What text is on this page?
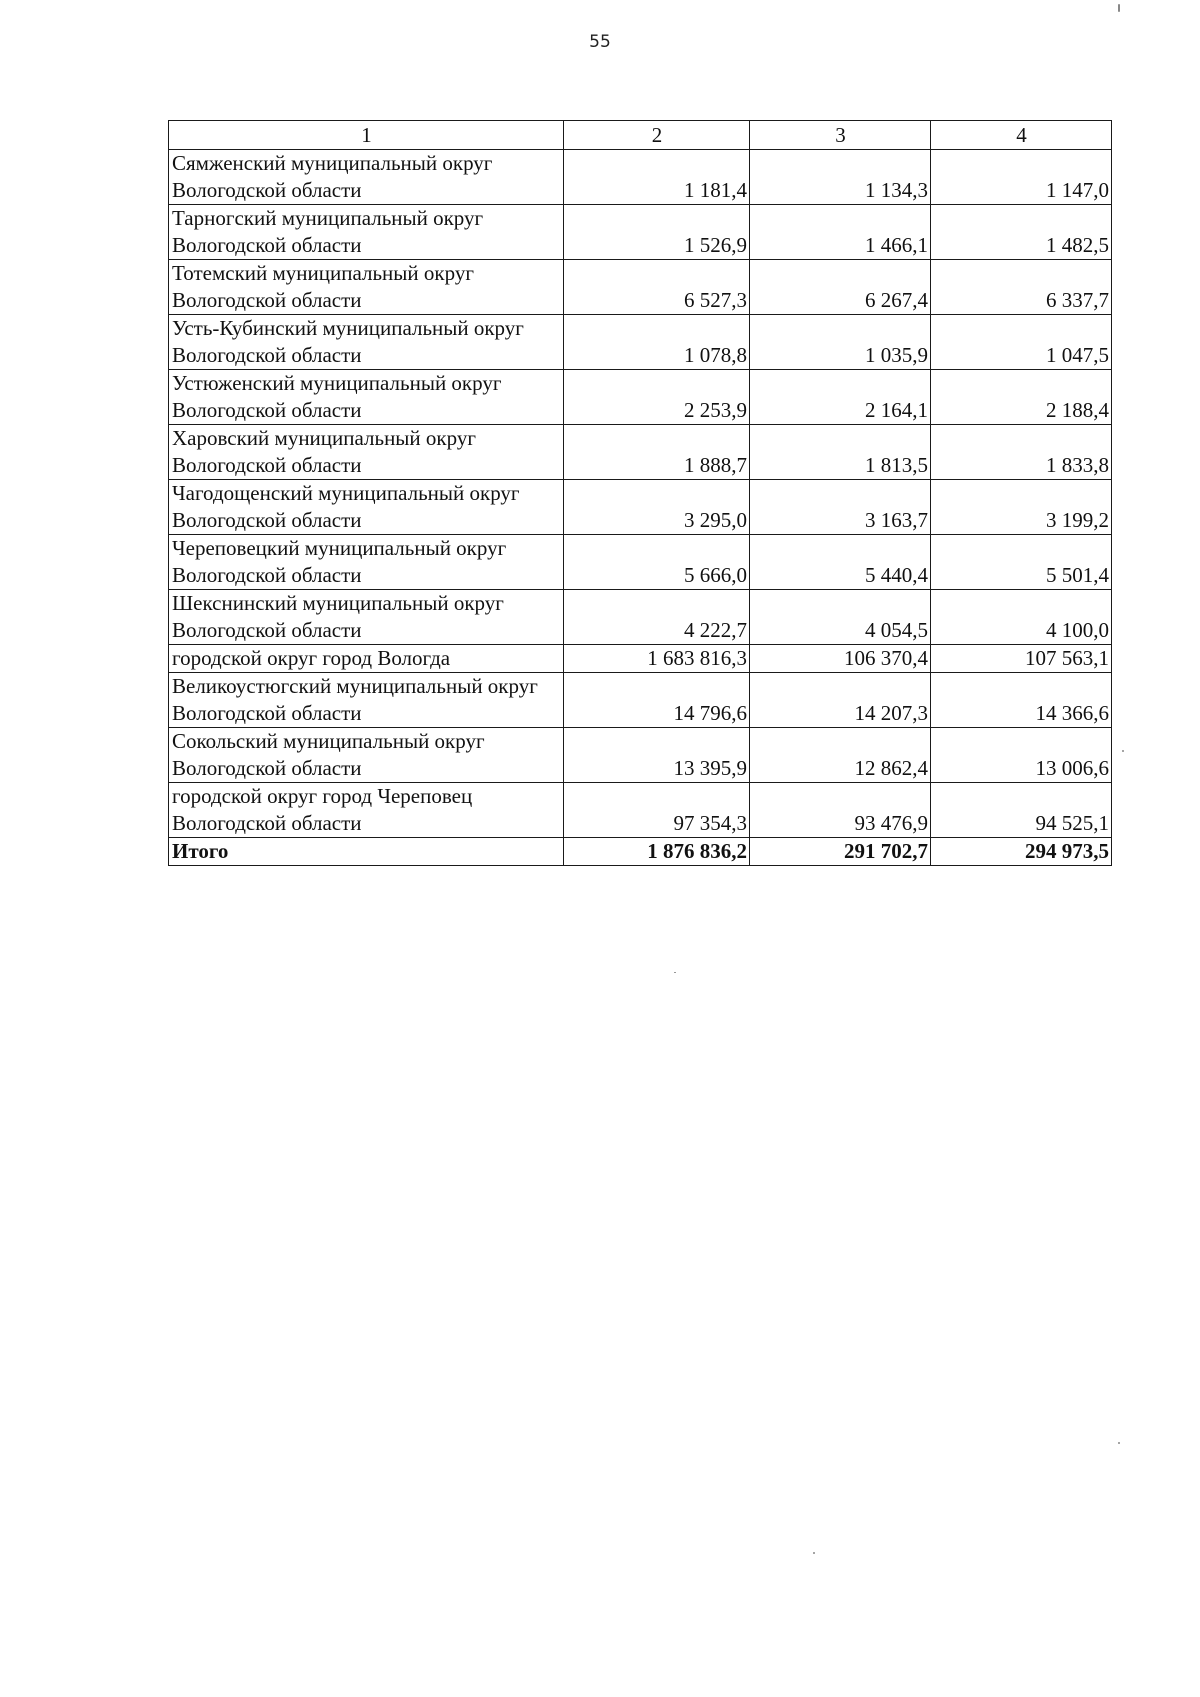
55
1	2	3	4
Сямженский муниципальный округ Вологодской области	1 181,4	1 134,3	1 147,0
Тарногский муниципальный округ Вологодской области	1 526,9	1 466,1	1 482,5
Тотемский муниципальный округ Вологодской области	6 527,3	6 267,4	6 337,7
Усть-Кубинский муниципальный округ Вологодской области	1 078,8	1 035,9	1 047,5
Устюженский муниципальный округ Вологодской области	2 253,9	2 164,1	2 188,4
Харовский муниципальный округ Вологодской области	1 888,7	1 813,5	1 833,8
Чагодощенский муниципальный округ Вологодской области	3 295,0	3 163,7	3 199,2
Череповецкий муниципальный округ Вологодской области	5 666,0	5 440,4	5 501,4
Шекснинский муниципальный округ Вологодской области	4 222,7	4 054,5	4 100,0
городской округ город Вологда	1 683 816,3	106 370,4	107 563,1
Великоустюгский муниципальный округ Вологодской области	14 796,6	14 207,3	14 366,6
Сокольский муниципальный округ Вологодской области	13 395,9	12 862,4	13 006,6
городской округ город Череповец Вологодской области	97 354,3	93 476,9	94 525,1
Итого	1 876 836,2	291 702,7	294 973,5
